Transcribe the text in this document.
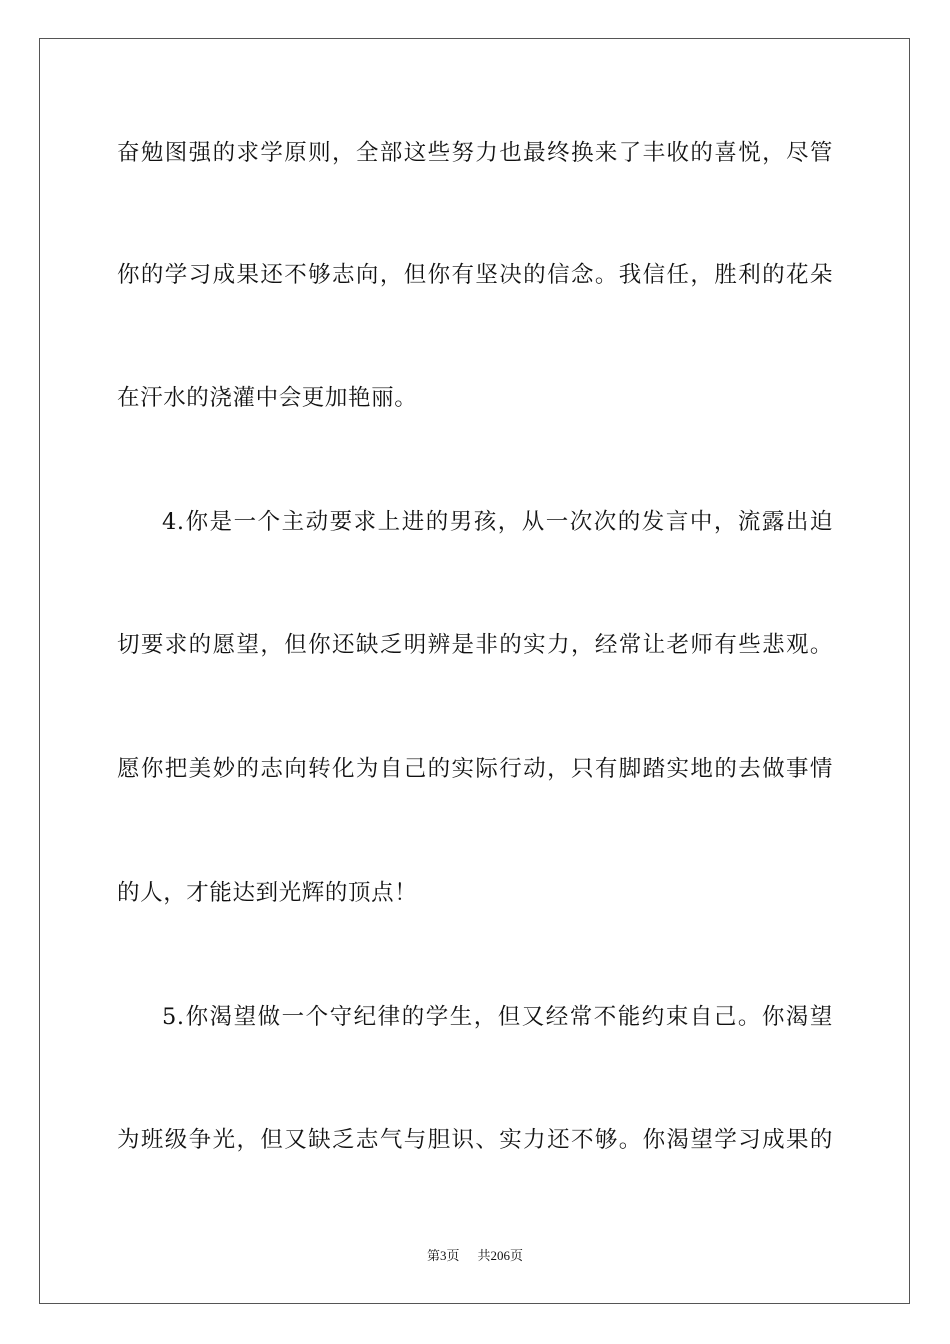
奋勉图强的求学原则，全部这些努力也最终换来了丰收的喜悦，尽管
你的学习成果还不够志向，但你有坚决的信念。我信任，胜利的花朵
在汗水的浇灌中会更加艳丽。
4.你是一个主动要求上进的男孩，从一次次的发言中，流露出迫
切要求的愿望，但你还缺乏明辨是非的实力，经常让老师有些悲观。
愿你把美妙的志向转化为自己的实际行动，只有脚踏实地的去做事情
的人，才能达到光辉的顶点！
5.你渴望做一个守纪律的学生，但又经常不能约束自己。你渴望
为班级争光，但又缺乏志气与胆识、实力还不够。你渴望学习成果的
第3页 共206页
